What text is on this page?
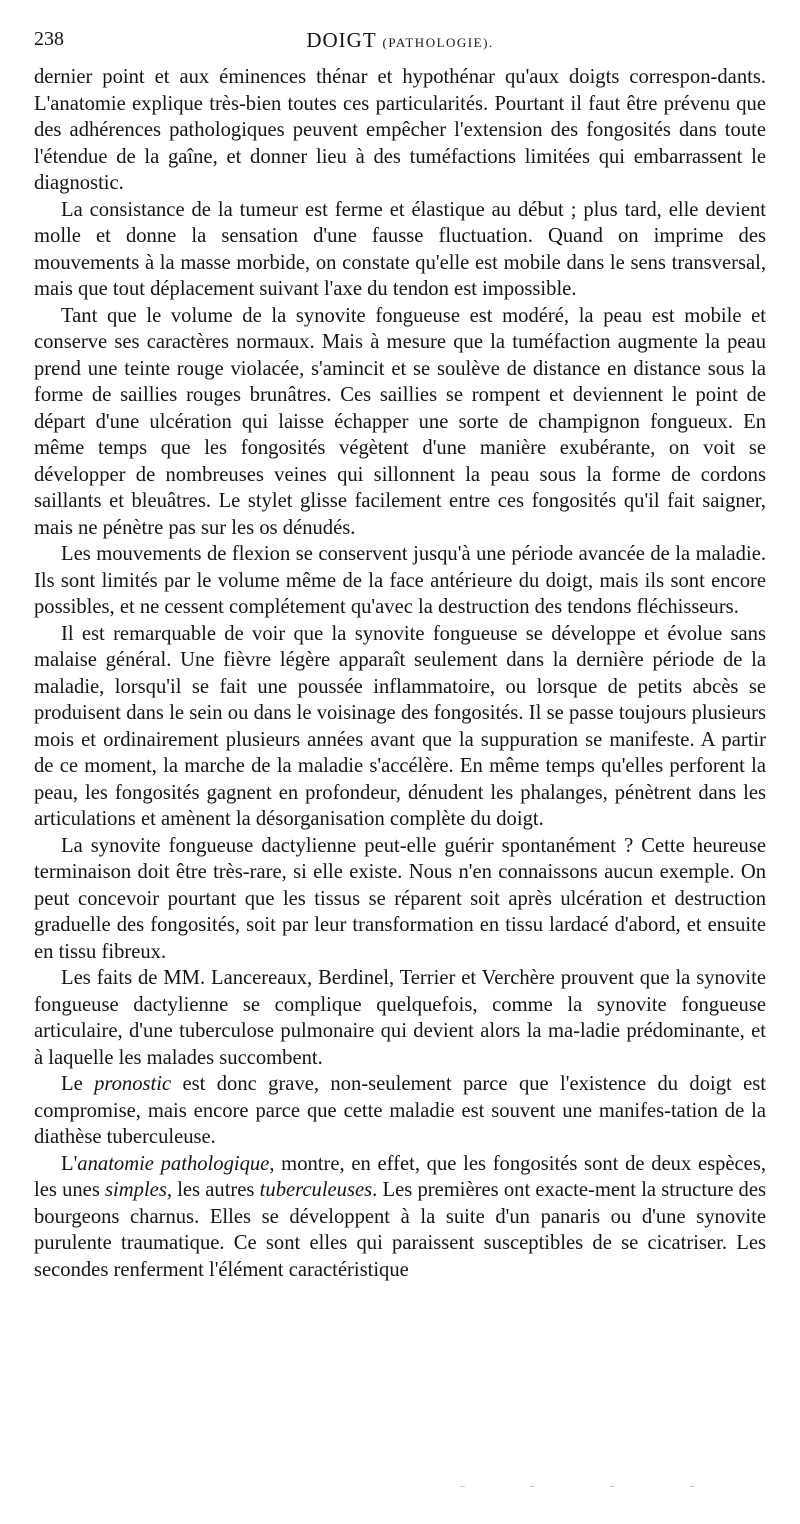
238	DOIGT (PATHOLOGIE).

dernier point et aux éminences thénar et hypothénar qu'aux doigts correspon-dants. L'anatomie explique très-bien toutes ces particularités. Pourtant il faut être prévenu que des adhérences pathologiques peuvent empêcher l'extension des fongosités dans toute l'étendue de la gaîne, et donner lieu à des tuméfactions limitées qui embarrassent le diagnostic.

La consistance de la tumeur est ferme et élastique au début ; plus tard, elle devient molle et donne la sensation d'une fausse fluctuation. Quand on imprime des mouvements à la masse morbide, on constate qu'elle est mobile dans le sens transversal, mais que tout déplacement suivant l'axe du tendon est impossible.

Tant que le volume de la synovite fongueuse est modéré, la peau est mobile et conserve ses caractères normaux. Mais à mesure que la tuméfaction augmente la peau prend une teinte rouge violacée, s'amincit et se soulève de distance en distance sous la forme de saillies rouges brunâtres. Ces saillies se rompent et deviennent le point de départ d'une ulcération qui laisse échapper une sorte de champignon fongueux. En même temps que les fongosités végètent d'une manière exubérante, on voit se développer de nombreuses veines qui sillonnent la peau sous la forme de cordons saillants et bleuâtres. Le stylet glisse facilement entre ces fongosités qu'il fait saigner, mais ne pénètre pas sur les os dénudés.

Les mouvements de flexion se conservent jusqu'à une période avancée de la maladie. Ils sont limités par le volume même de la face antérieure du doigt, mais ils sont encore possibles, et ne cessent complétement qu'avec la destruction des tendons fléchisseurs.

Il est remarquable de voir que la synovite fongueuse se développe et évolue sans malaise général. Une fièvre légère apparaît seulement dans la dernière période de la maladie, lorsqu'il se fait une poussée inflammatoire, ou lorsque de petits abcès se produisent dans le sein ou dans le voisinage des fongosités. Il se passe toujours plusieurs mois et ordinairement plusieurs années avant que la suppuration se manifeste. A partir de ce moment, la marche de la maladie s'accélère. En même temps qu'elles perforent la peau, les fongosités gagnent en profondeur, dénudent les phalanges, pénètrent dans les articulations et amènent la désorganisation complète du doigt.

La synovite fongueuse dactylienne peut-elle guérir spontanément ? Cette heureuse terminaison doit être très-rare, si elle existe. Nous n'en connaissons aucun exemple. On peut concevoir pourtant que les tissus se réparent soit après ulcération et destruction graduelle des fongosités, soit par leur transformation en tissu lardacé d'abord, et ensuite en tissu fibreux.

Les faits de MM. Lancereaux, Berdinel, Terrier et Verchère prouvent que la synovite fongueuse dactylienne se complique quelquefois, comme la synovite fongueuse articulaire, d'une tuberculose pulmonaire qui devient alors la ma-ladie prédominante, et à laquelle les malades succombent.

Le pronostic est donc grave, non-seulement parce que l'existence du doigt est compromise, mais encore parce que cette maladie est souvent une manifes-tation de la diathèse tuberculeuse.

L'anatomie pathologique, montre, en effet, que les fongosités sont de deux espèces, les unes simples, les autres tuberculeuses. Les premières ont exacte-ment la structure des bourgeons charnus. Elles se développent à la suite d'un panaris ou d'une synovite purulente traumatique. Ce sont elles qui paraissent susceptibles de se cicatriser. Les secondes renferment l'élément caractéristique
